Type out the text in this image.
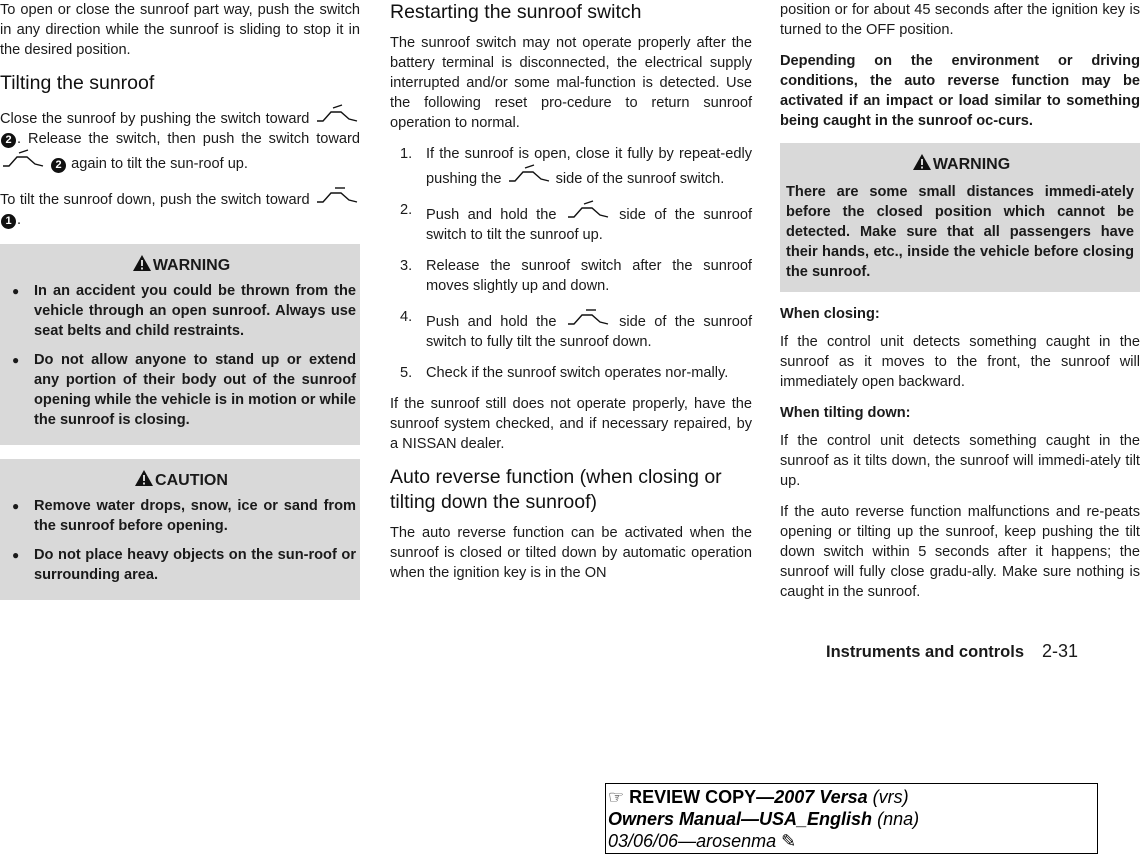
To open or close the sunroof part way, push the switch in any direction while the sunroof is sliding to stop it in the desired position.

Tilting the sunroof

Close the sunroof by pushing the switch toward  2 . Release the switch, then push the switch toward  2 again to tilt the sun-roof up.

To tilt the sunroof down, push the switch toward  1 .

WARNING
● In an accident you could be thrown from the vehicle through an open sunroof. Always use seat belts and child restraints.
● Do not allow anyone to stand up or extend any portion of their body out of the sunroof opening while the vehicle is in motion or while the sunroof is closing.
CAUTION
● Remove water drops, snow, ice or sand from the sunroof before opening.
● Do not place heavy objects on the sun-roof or surrounding area.
Restarting the sunroof switch

The sunroof switch may not operate properly after the battery terminal is disconnected, the electrical supply interrupted and/or some mal-function is detected. Use the following reset pro-cedure to return sunroof operation to normal.

1. If the sunroof is open, close it fully by repeat-edly pushing the	side of the sunroof switch.
2. Push and hold the	side of the sunroof switch to tilt the sunroof up.
3. Release the sunroof switch after the sunroof moves slightly up and down.
4. Push and hold the	side of the sunroof switch to fully tilt the sunroof down.
5. Check if the sunroof switch operates nor-mally.

If the sunroof still does not operate properly, have the sunroof system checked, and if necessary repaired, by a NISSAN dealer.

Auto reverse function (when closing or tilting down the sunroof)

The auto reverse function can be activated when the sunroof is closed or tilted down by automatic operation when the ignition key is in the ON

position or for about 45 seconds after the ignition key is turned to the OFF position.

Depending on the environment or driving conditions, the auto reverse function may be activated if an impact or load similar to something being caught in the sunroof oc-curs.

WARNING
There are some small distances immedi-ately before the closed position which cannot be detected. Make sure that all passengers have their hands, etc., inside the vehicle before closing the sunroof.

When closing:

If the control unit detects something caught in the sunroof as it moves to the front, the sunroof will immediately open backward.

When tilting down:

If the control unit detects something caught in the sunroof as it tilts down, the sunroof will immedi-ately tilt up.

If the auto reverse function malfunctions and re-peats opening or tilting up the sunroof, keep pushing the tilt down switch within 5 seconds after it happens; the sunroof will fully close gradu-ally. Make sure nothing is caught in the sunroof.

Instruments and controls 2-31
☞ REVIEW COPY—2007 Versa (vrs)
Owners Manual—USA_English (nna)
03/06/06—arosenma ✎
